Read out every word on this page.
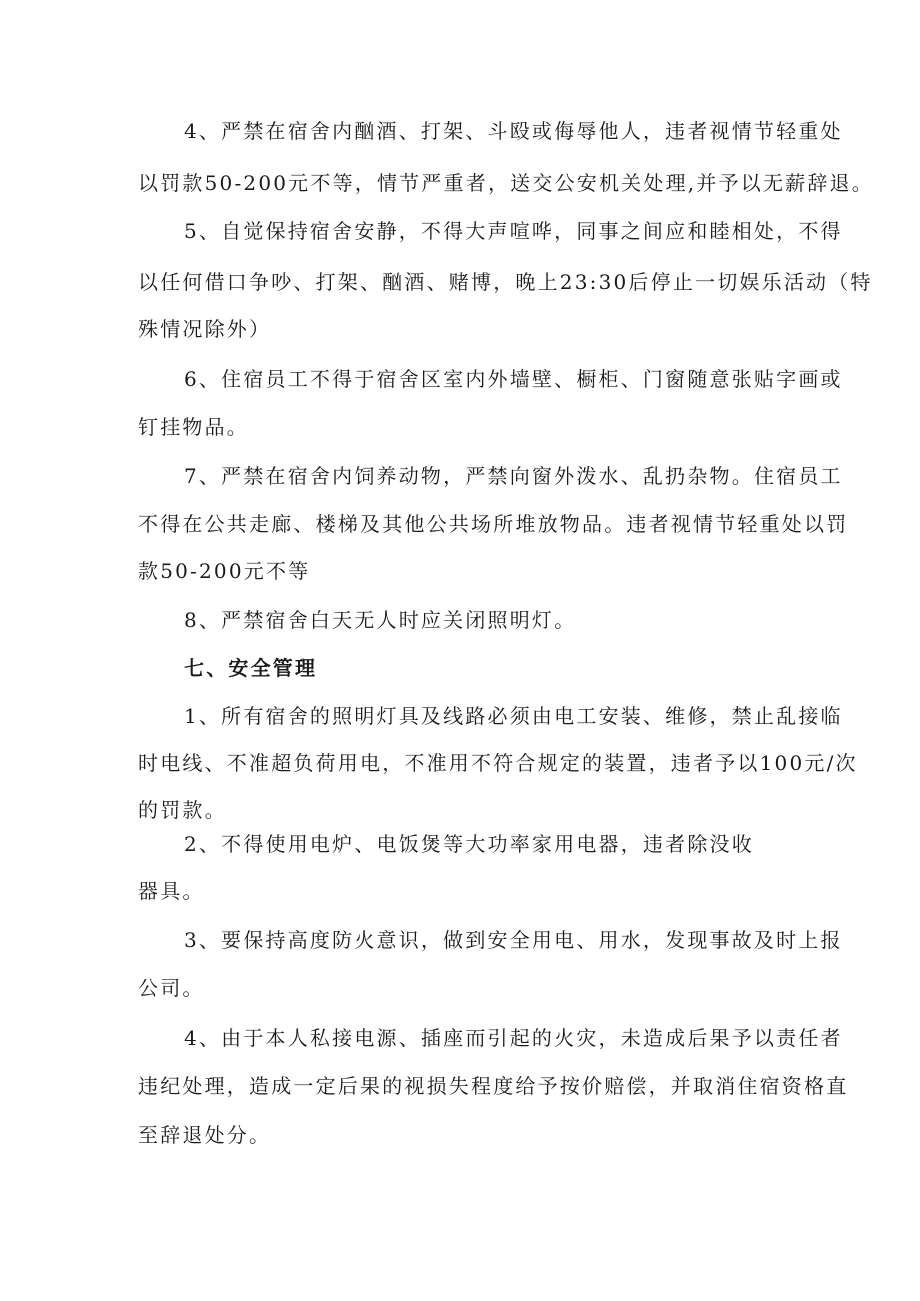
4、严禁在宿舍内酗酒、打架、斗殴或侮辱他人，违者视情节轻重处
以罚款50-200元不等，情节严重者，送交公安机关处理,并予以无薪辞退。
5、自觉保持宿舍安静，不得大声喧哗，同事之间应和睦相处，不得
以任何借口争吵、打架、酗酒、赌博，晚上23:30后停止一切娱乐活动（特
殊情况除外）
6、住宿员工不得于宿舍区室内外墙壁、橱柜、门窗随意张贴字画或
钉挂物品。
7、严禁在宿舍内饲养动物，严禁向窗外泼水、乱扔杂物。住宿员工
不得在公共走廊、楼梯及其他公共场所堆放物品。违者视情节轻重处以罚
款50-200元不等
8、严禁宿舍白天无人时应关闭照明灯。
七、安全管理
1、所有宿舍的照明灯具及线路必须由电工安装、维修，禁止乱接临
时电线、不准超负荷用电，不准用不符合规定的装置，违者予以100元/次
的罚款。
2、不得使用电炉、电饭煲等大功率家用电器，违者除没收
器具。
3、要保持高度防火意识，做到安全用电、用水，发现事故及时上报
公司。
4、由于本人私接电源、插座而引起的火灾，未造成后果予以责任者
违纪处理，造成一定后果的视损失程度给予按价赔偿，并取消住宿资格直
至辞退处分。
